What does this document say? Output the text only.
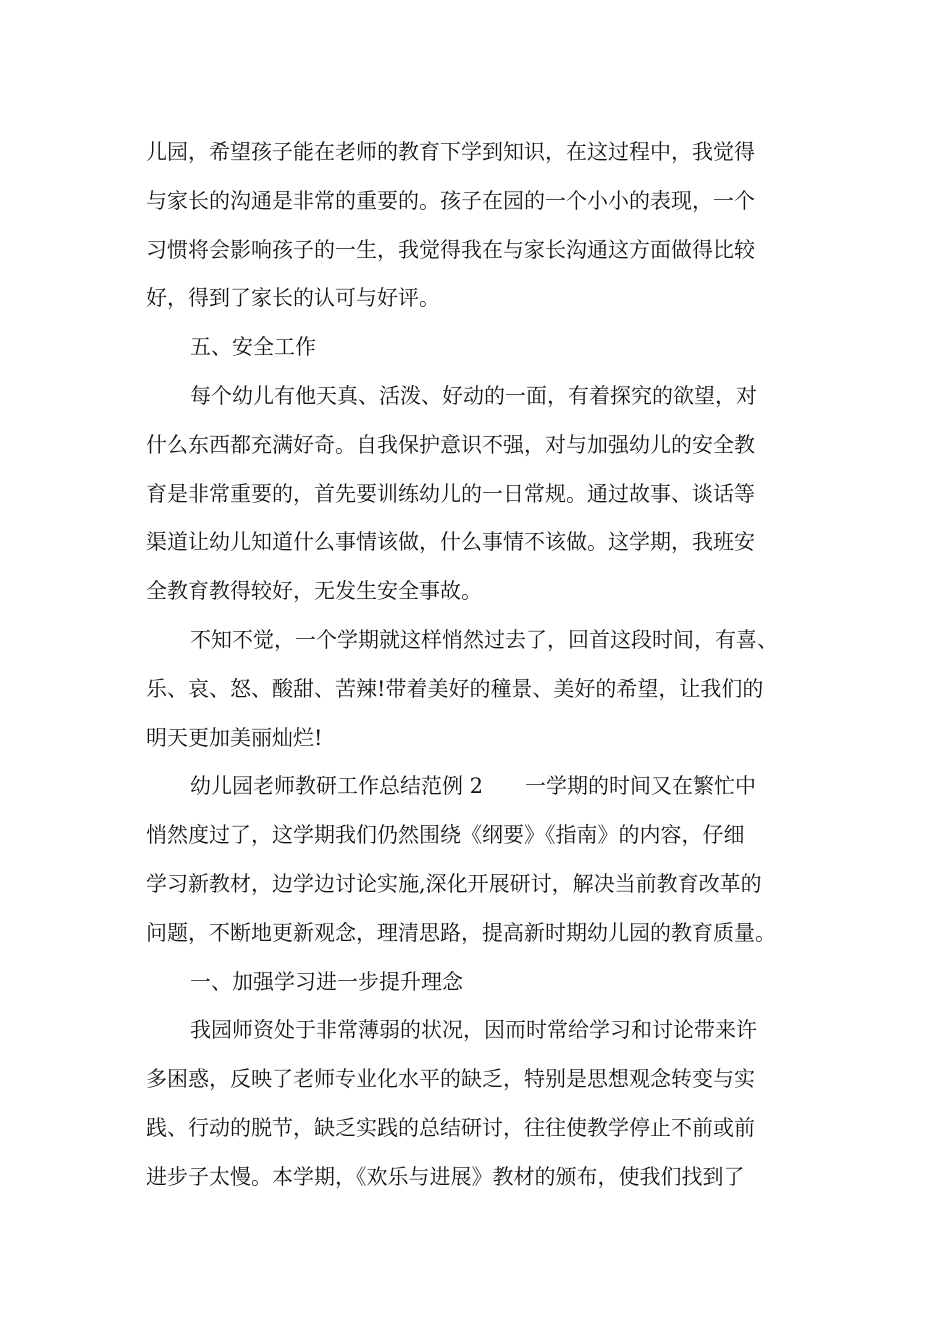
儿园，希望孩子能在老师的教育下学到知识，在这过程中，我觉得
与家长的沟通是非常的重要的。孩子在园的一个小小的表现，一个
习惯将会影响孩子的一生，我觉得我在与家长沟通这方面做得比较
好，得到了家长的认可与好评。
五、安全工作
每个幼儿有他天真、活泼、好动的一面，有着探究的欲望，对
什么东西都充满好奇。自我保护意识不强，对与加强幼儿的安全教
育是非常重要的，首先要训练幼儿的一日常规。通过故事、谈话等
渠道让幼儿知道什么事情该做，什么事情不该做。这学期，我班安
全教育教得较好，无发生安全事故。
不知不觉，一个学期就这样悄然过去了，回首这段时间，有喜、
乐、哀、怒、酸甜、苦辣!带着美好的穜景、美好的希望，让我们的
明天更加美丽灿烂!
幼儿园老师教研工作总结范例 2 一学期的时间又在繁忙中
悄然度过了，这学期我们仍然围绕《纲要》《指南》的内容，仔细
学习新教材，边学边讨论实施,深化开展研讨，解决当前教育改革的
问题，不断地更新观念，理清思路，提高新时期幼儿园的教育质量。
一、加强学习进一步提升理念
我园师资处于非常薄弱的状况，因而时常给学习和讨论带来许
多困惑，反映了老师专业化水平的缺乏，特别是思想观念转变与实
践、行动的脱节，缺乏实践的总结研讨，往往使教学停止不前或前
进步子太慢。本学期，《欢乐与进展》教材的颁布，使我们找到了
